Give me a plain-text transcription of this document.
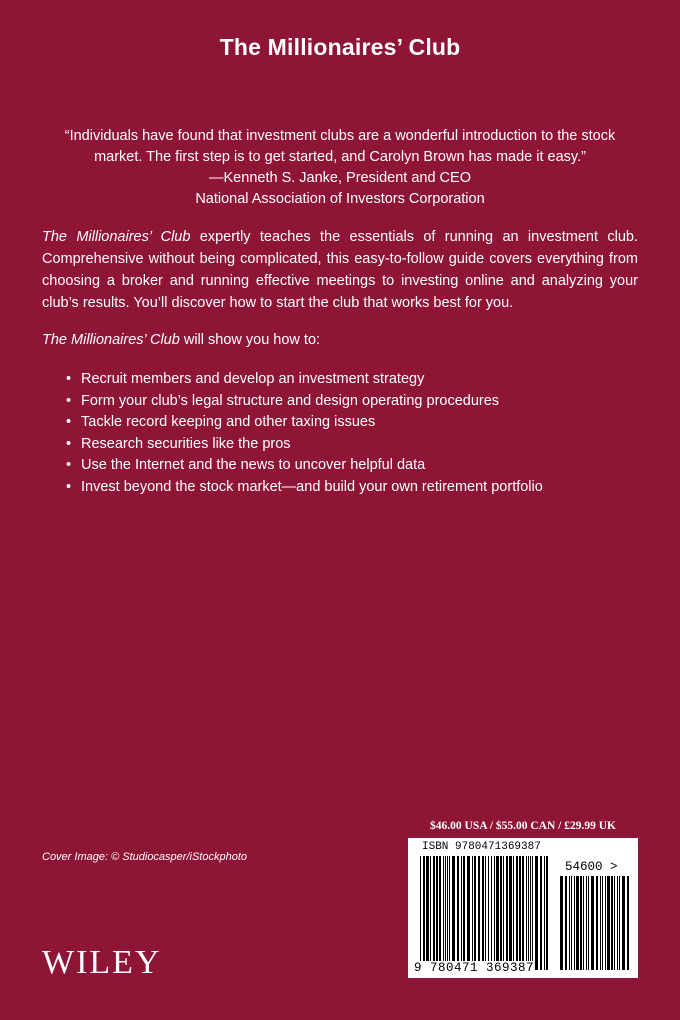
The Millionaires’ Club

“Individuals have found that investment clubs are a wonderful introduction to the stock market. The first step is to get started, and Carolyn Brown has made it easy.”

—Kenneth S. Janke, President and CEO

National Association of Investors Corporation

The Millionaires’ Club expertly teaches the essentials of running an investment club. Comprehensive without being complicated, this easy-to-follow guide covers everything from choosing a broker and running effective meetings to investing online and analyzing your club’s results. You’ll discover how to start the club that works best for you.

The Millionaires’ Club will show you how to:

• Recruit members and develop an investment strategy
• Form your club’s legal structure and design operating procedures
• Tackle record keeping and other taxing issues
• Research securities like the pros
• Use the Internet and the news to uncover helpful data
• Invest beyond the stock market—and build your own retirement portfolio
Cover Image: © Studiocasper/iStockphoto
WILEY
$46.00 USA / $55.00 CAN / £29.99 UK
ISBN 9780471369387
54600 >
9 780471 369387
